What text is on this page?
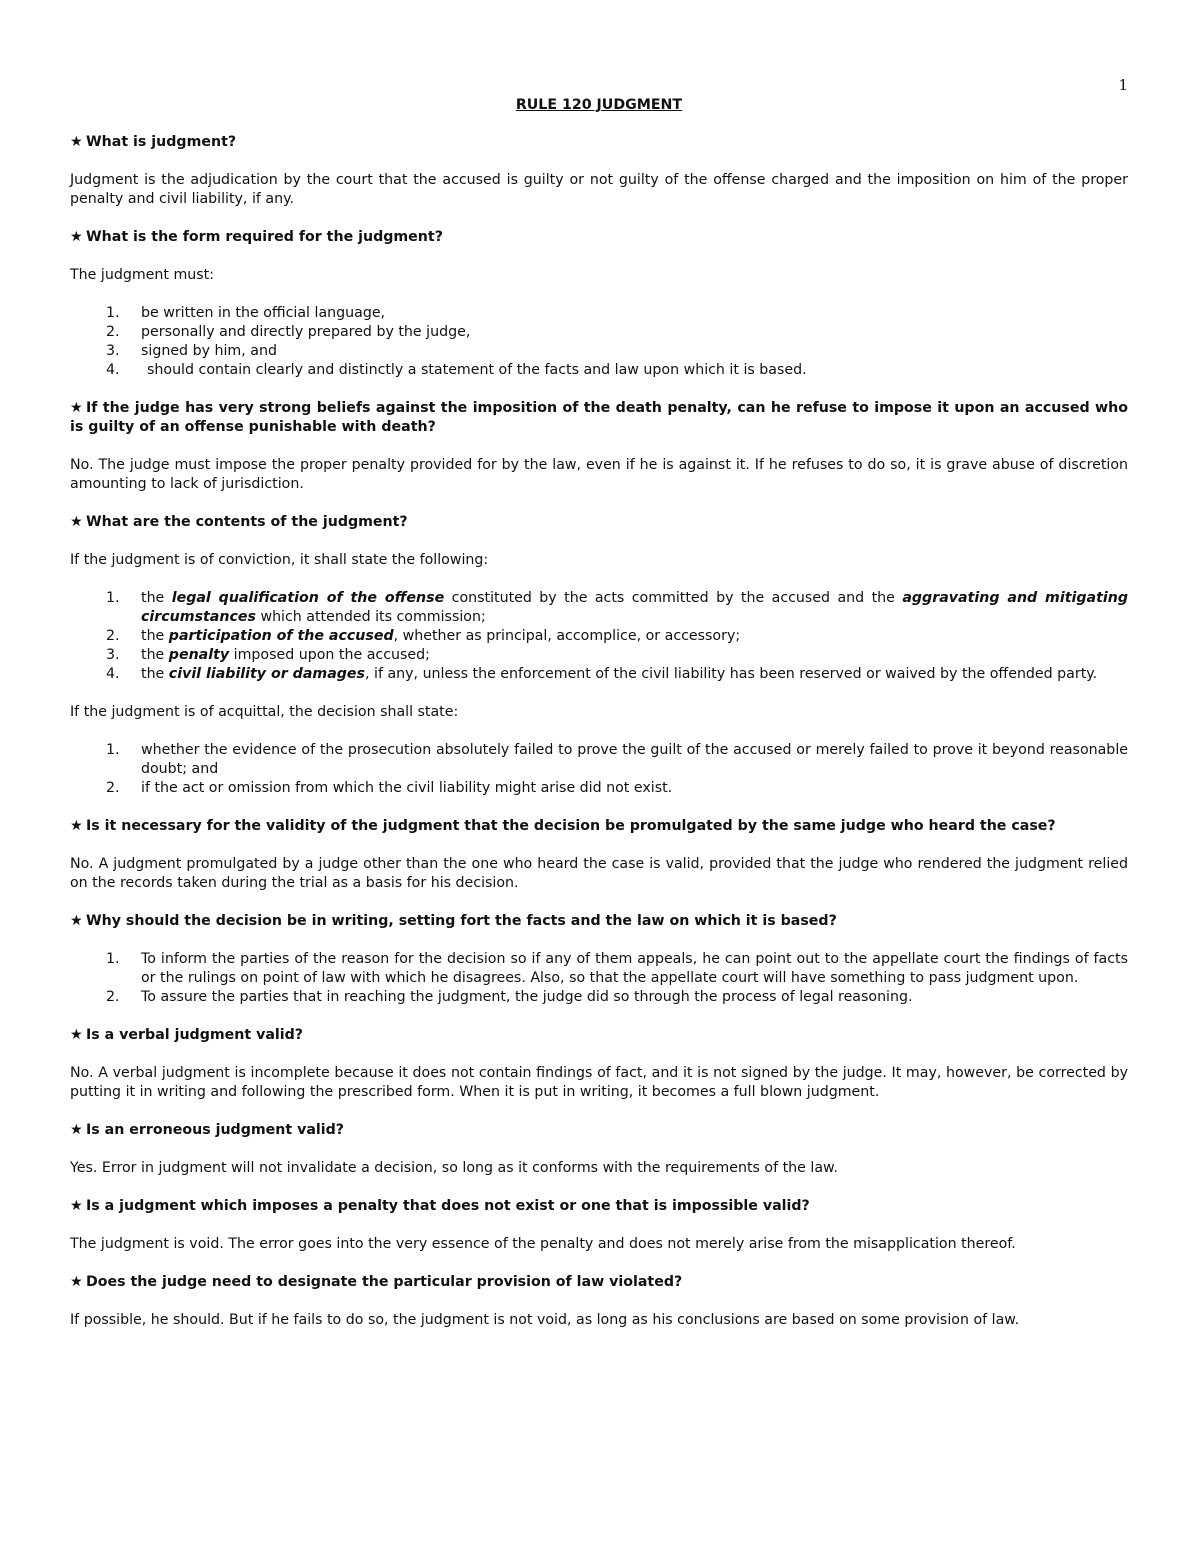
1
RULE 120 JUDGMENT
★ What is judgment?

Judgment is the adjudication by the court that the accused is guilty or not guilty of the offense charged and the imposition on him of the proper penalty and civil liability, if any.

★ What is the form required for the judgment?

The judgment must:

1. be written in the official language,
2. personally and directly prepared by the judge,
3. signed by him, and
4. should contain clearly and distinctly a statement of the facts and law upon which it is based.
★ If the judge has very strong beliefs against the imposition of the death penalty, can he refuse to impose it upon an accused who is guilty of an offense punishable with death?

No. The judge must impose the proper penalty provided for by the law, even if he is against it. If he refuses to do so, it is grave abuse of discretion amounting to lack of jurisdiction.

★ What are the contents of the judgment?

If the judgment is of conviction, it shall state the following:

1. the legal qualification of the offense constituted by the acts committed by the accused and the aggravating and mitigating circumstances which attended its commission;
2. the participation of the accused, whether as principal, accomplice, or accessory;
3. the penalty imposed upon the accused;
4. the civil liability or damages, if any, unless the enforcement of the civil liability has been reserved or waived by the offended party.

If the judgment is of acquittal, the decision shall state:

1. whether the evidence of the prosecution absolutely failed to prove the guilt of the accused or merely failed to prove it beyond reasonable doubt; and
2. if the act or omission from which the civil liability might arise did not exist.
★ Is it necessary for the validity of the judgment that the decision be promulgated by the same judge who heard the case?

No. A judgment promulgated by a judge other than the one who heard the case is valid, provided that the judge who rendered the judgment relied on the records taken during the trial as a basis for his decision.

★ Why should the decision be in writing, setting fort the facts and the law on which it is based?
1. To inform the parties of the reason for the decision so if any of them appeals, he can point out to the appellate court the findings of facts or the rulings on point of law with which he disagrees. Also, so that the appellate court will have something to pass judgment upon.
2. To assure the parties that in reaching the judgment, the judge did so through the process of legal reasoning.
★ Is a verbal judgment valid?

No. A verbal judgment is incomplete because it does not contain findings of fact, and it is not signed by the judge. It may, however, be corrected by putting it in writing and following the prescribed form. When it is put in writing, it becomes a full blown judgment.

★ Is an erroneous judgment valid?

Yes. Error in judgment will not invalidate a decision, so long as it conforms with the requirements of the law.

★ Is a judgment which imposes a penalty that does not exist or one that is impossible valid?

The judgment is void. The error goes into the very essence of the penalty and does not merely arise from the misapplication thereof.

★ Does the judge need to designate the particular provision of law violated?

If possible, he should. But if he fails to do so, the judgment is not void, as long as his conclusions are based on some provision of law.
